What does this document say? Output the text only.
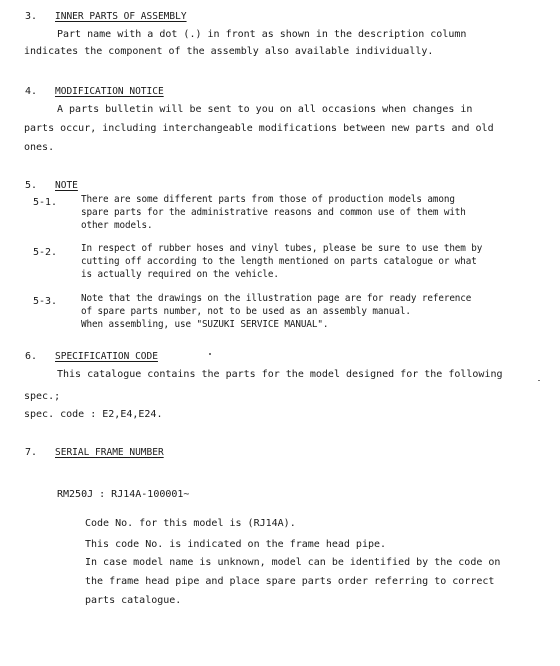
3. INNER PARTS OF ASSEMBLY
Part name with a dot (.) in front as shown in the description column
indicates the component of the assembly also available individually.
4. MODIFICATION NOTICE
A parts bulletin will be sent to you on all occasions when changes in
parts occur, including interchangeable modifications between new parts and old
ones.
5. NOTE
5-1.	There are some different parts from those of production models among
spare parts for the administrative reasons and common use of them with
other models.
5-2.	In respect of rubber hoses and vinyl tubes, please be sure to use them by
cutting off according to the length mentioned on parts catalogue or what
is actually required on the vehicle.
5-3.	Note that the drawings on the illustration page are for ready reference
of spare parts number, not to be used as an assembly manual.
When assembling, use "SUZUKI SERVICE MANUAL".
6. SPECIFICATION CODE
This catalogue contains the parts for the model designed for the following
spec.;
spec. code : E2,E4,E24.
7. SERIAL FRAME NUMBER
RM250J : RJ14A-100001~
Code No. for this model is (RJ14A).
This code No. is indicated on the frame head pipe.
In case model name is unknown, model can be identified by the code on
the frame head pipe and place spare parts order referring to correct
parts catalogue.
